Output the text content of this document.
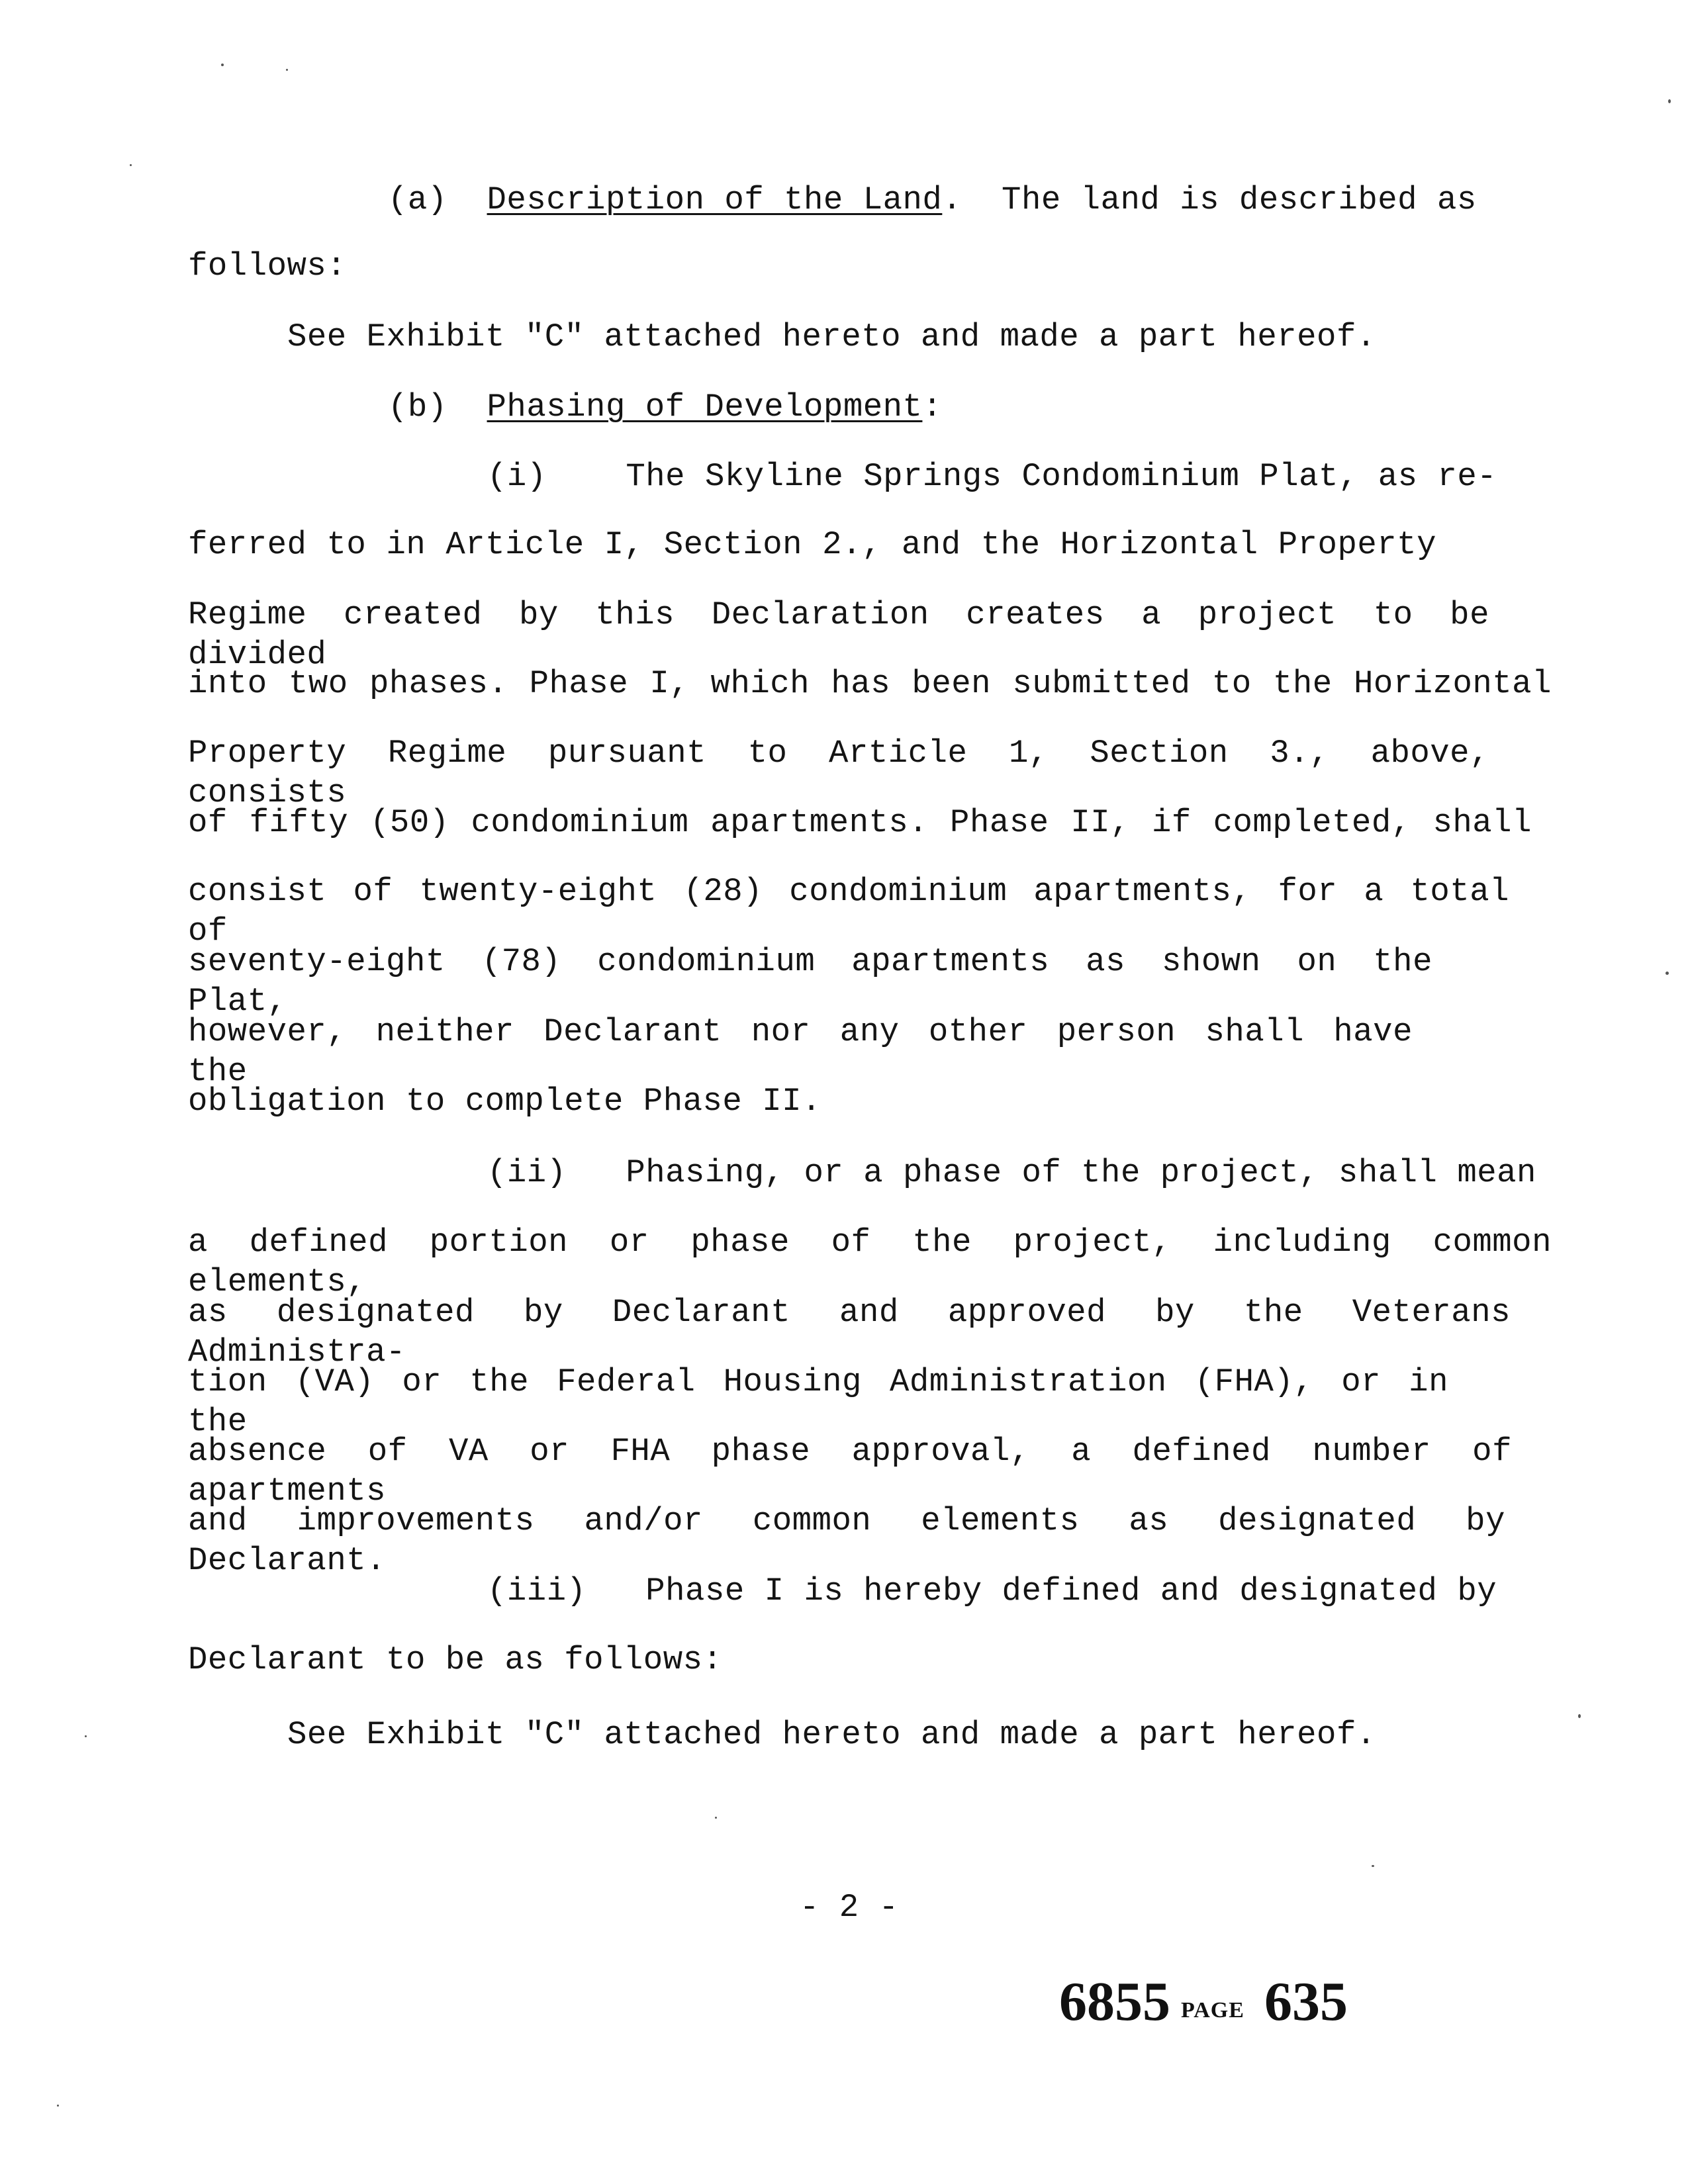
(a) Description of the Land.  The land is described as
follows:
See Exhibit "C" attached hereto and made a part hereof.
(b) Phasing of Development:
(i) The Skyline Springs Condominium Plat, as re-
ferred to in Article I, Section 2., and the Horizontal Property
Regime created by this Declaration creates a project to be divided
into two phases. Phase I, which has been submitted to the Horizontal
Property Regime pursuant to Article 1, Section 3., above, consists
of fifty (50) condominium apartments. Phase II, if completed, shall
consist of twenty-eight (28) condominium apartments, for a total of
seventy-eight (78) condominium apartments as shown on the Plat,
however, neither Declarant nor any other person shall have the
obligation to complete Phase II.
(ii) Phasing, or a phase of the project, shall mean
a defined portion or phase of the project, including common elements,
as designated by Declarant and approved by the Veterans Administra-
tion (VA) or the Federal Housing Administration (FHA), or in the
absence of VA or FHA phase approval, a defined number of apartments
and improvements and/or common elements as designated by Declarant.
(iii) Phase I is hereby defined and designated by
Declarant to be as follows:
See Exhibit "C" attached hereto and made a part hereof.
- 2 -
6855 PAGE 635
